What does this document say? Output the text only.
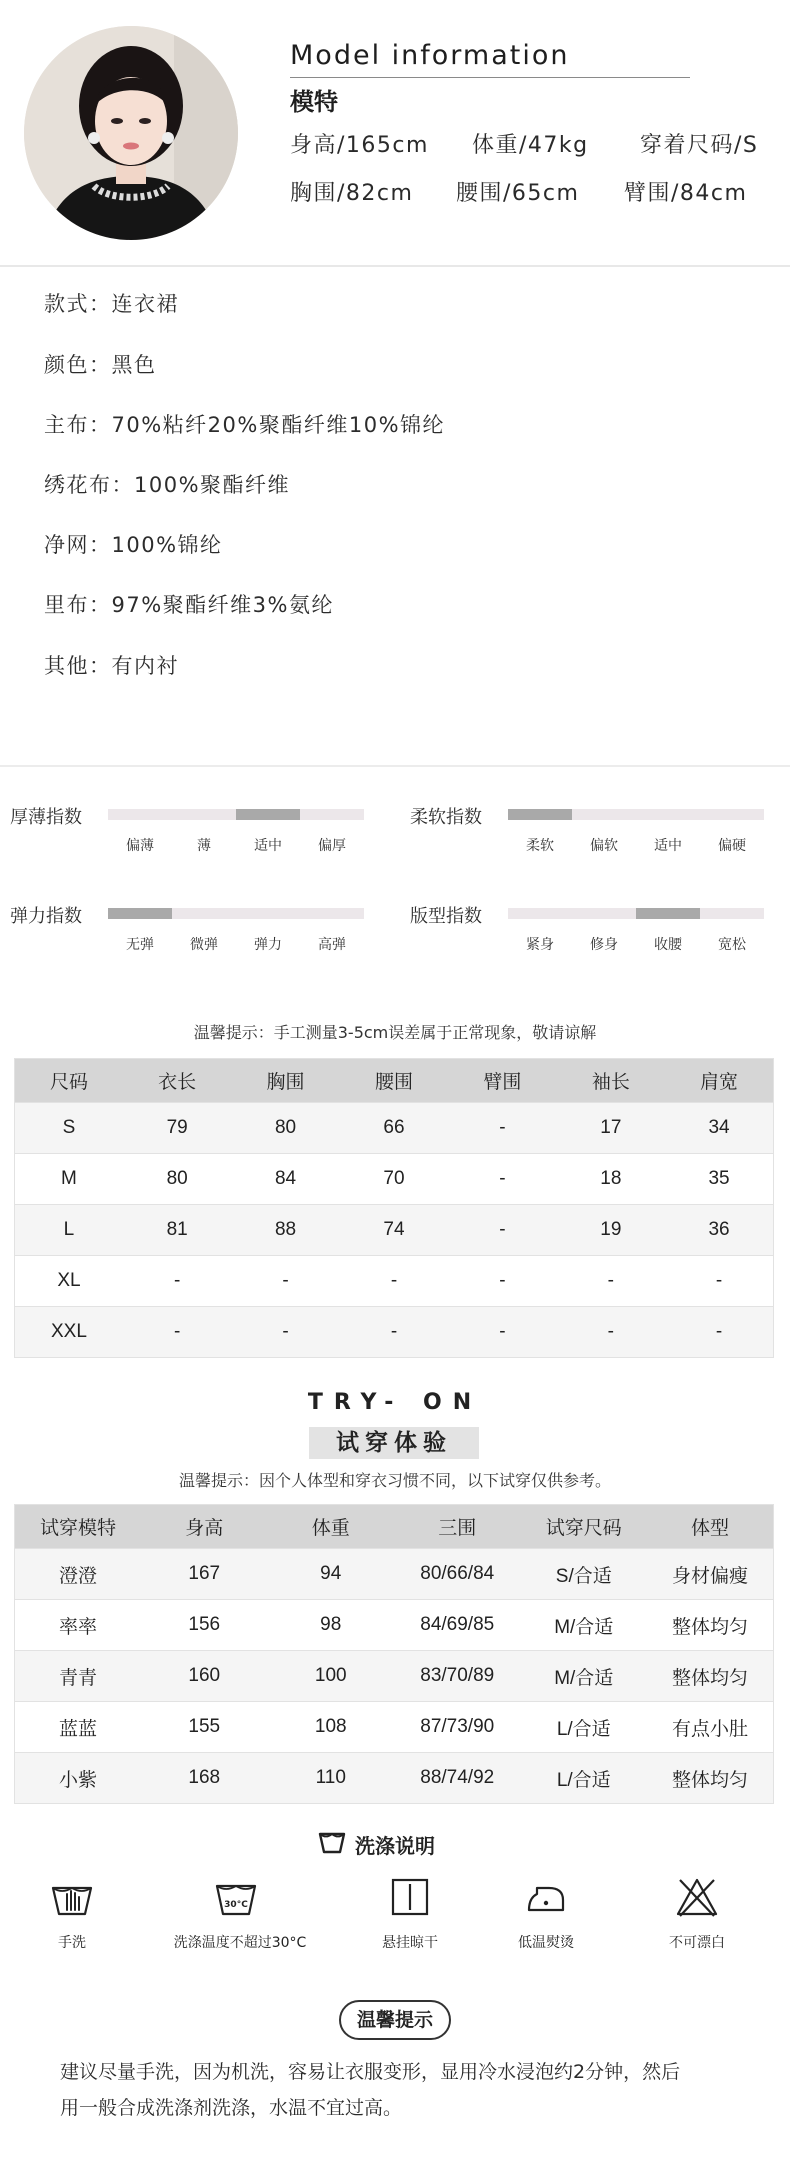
Model information
模特
身高/165cm 体重/47kg 穿着尺码/S
胸围/82cm 腰围/65cm 臂围/84cm
款式：连衣裙
颜色：黑色
主布：70%粘纤20%聚酯纤维10%锦纶
绣花布：100%聚酯纤维
净网：100%锦纶
里布：97%聚酯纤维3%氨纶
其他：有内衬
厚薄指数
偏薄	薄	适中	偏厚
柔软指数
柔软	偏软	适中	偏硬
弹力指数
无弹	微弹	弹力	高弹
版型指数
紧身	修身	收腰	宽松
温馨提示：手工测量3-5cm误差属于正常现象，敬请谅解
尺码	衣长	胸围	腰围	臂围	袖长	肩宽
S	79	80	66	-	17	34
M	80	84	70	-	18	35
L	81	88	74	-	19	36
XL	-	-	-	-	-	-
XXL	-	-	-	-	-	-
TRY- ON
试穿体验
温馨提示：因个人体型和穿衣习惯不同，以下试穿仅供参考。
试穿模特	身高	体重	三围	试穿尺码	体型
澄澄	167	94	80/66/84	S/合适	身材偏瘦
率率	156	98	84/69/85	M/合适	整体均匀
青青	160	100	83/70/89	M/合适	整体均匀
蓝蓝	155	108	87/73/90	L/合适	有点小肚
小紫	168	110	88/74/92	L/合适	整体均匀
洗涤说明
30°C
手洗	洗涤温度不超过30°C	悬挂晾干	低温熨烫	不可漂白
温馨提示
建议尽量手洗，因为机洗，容易让衣服变形，显用冷水浸泡约2分钟，然后
用一般合成洗涤剂洗涤，水温不宜过高。
